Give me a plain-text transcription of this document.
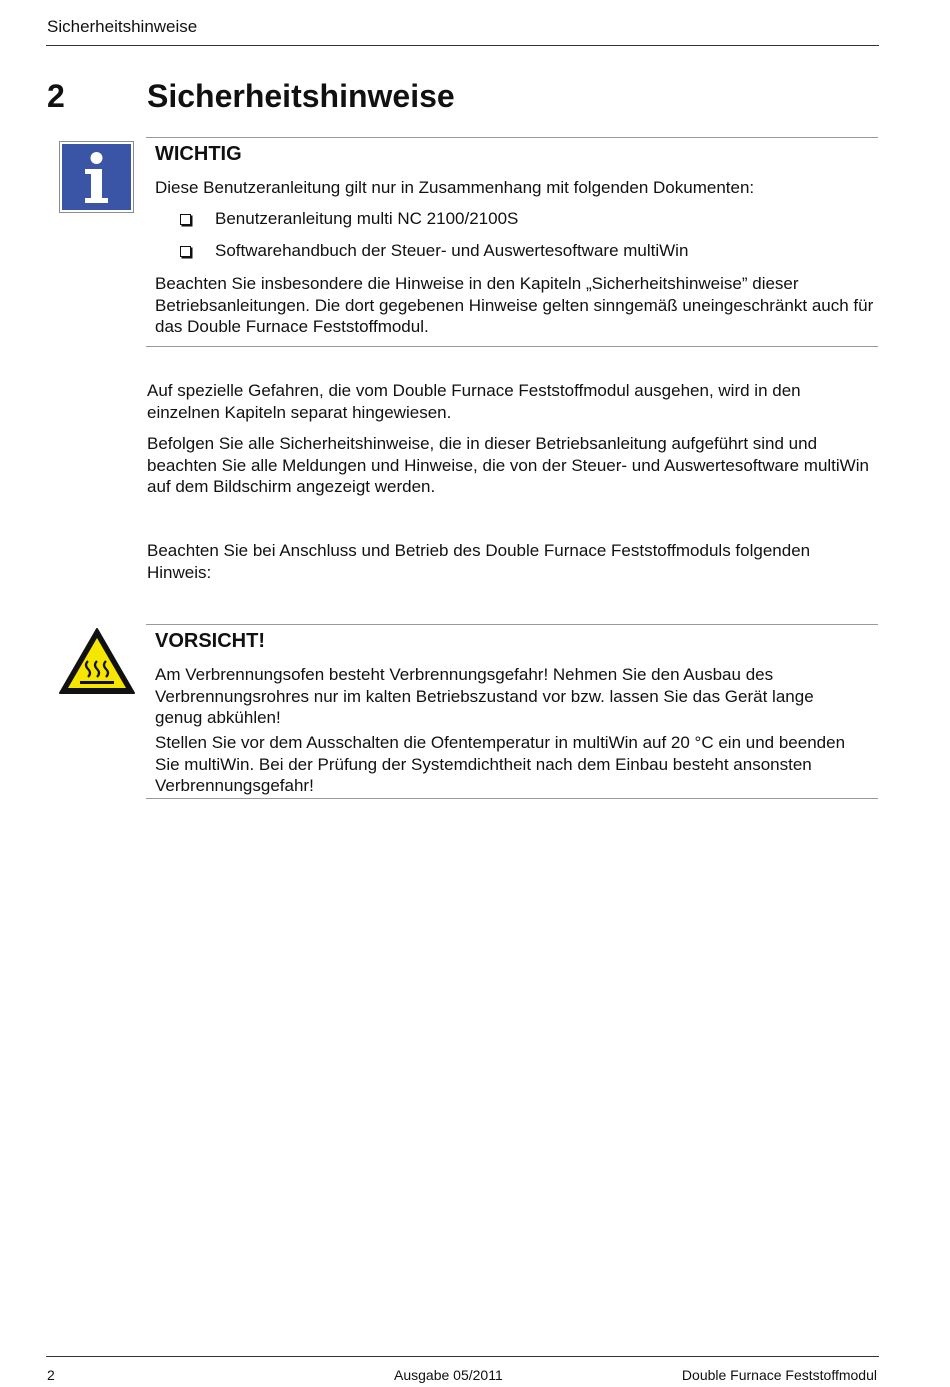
Sicherheitshinweise
2	Sicherheitshinweise
WICHTIG
Diese Benutzeranleitung gilt nur in Zusammenhang mit folgenden Dokumenten:
Benutzeranleitung multi NC 2100/2100S
Softwarehandbuch der Steuer- und Auswertesoftware multiWin
Beachten Sie insbesondere die Hinweise in den Kapiteln „Sicherheitshinweise” dieser Betriebsanleitungen. Die dort gegebenen Hinweise gelten sinngemäß uneingeschränkt auch für das Double Furnace Feststoffmodul.
Auf spezielle Gefahren, die vom Double Furnace Feststoffmodul ausgehen, wird in den einzelnen Kapiteln separat hingewiesen.
Befolgen Sie alle Sicherheitshinweise, die in dieser Betriebsanleitung aufgeführt sind und beachten Sie alle Meldungen und Hinweise, die von der Steuer- und Auswertesoftware multiWin auf dem Bildschirm angezeigt werden.
Beachten Sie bei Anschluss und Betrieb des Double Furnace Feststoffmoduls folgenden Hinweis:
VORSICHT!
Am Verbrennungsofen besteht Verbrennungsgefahr! Nehmen Sie den Ausbau des Verbrennungsrohres nur im kalten Betriebszustand vor bzw. lassen Sie das Gerät lange genug abkühlen!
Stellen Sie vor dem Ausschalten die Ofentemperatur in multiWin auf 20 °C ein und beenden Sie multiWin. Bei der Prüfung der Systemdichtheit nach dem Einbau besteht ansonsten Verbrennungsgefahr!
2	Ausgabe 05/2011	Double Furnace Feststoffmodul
